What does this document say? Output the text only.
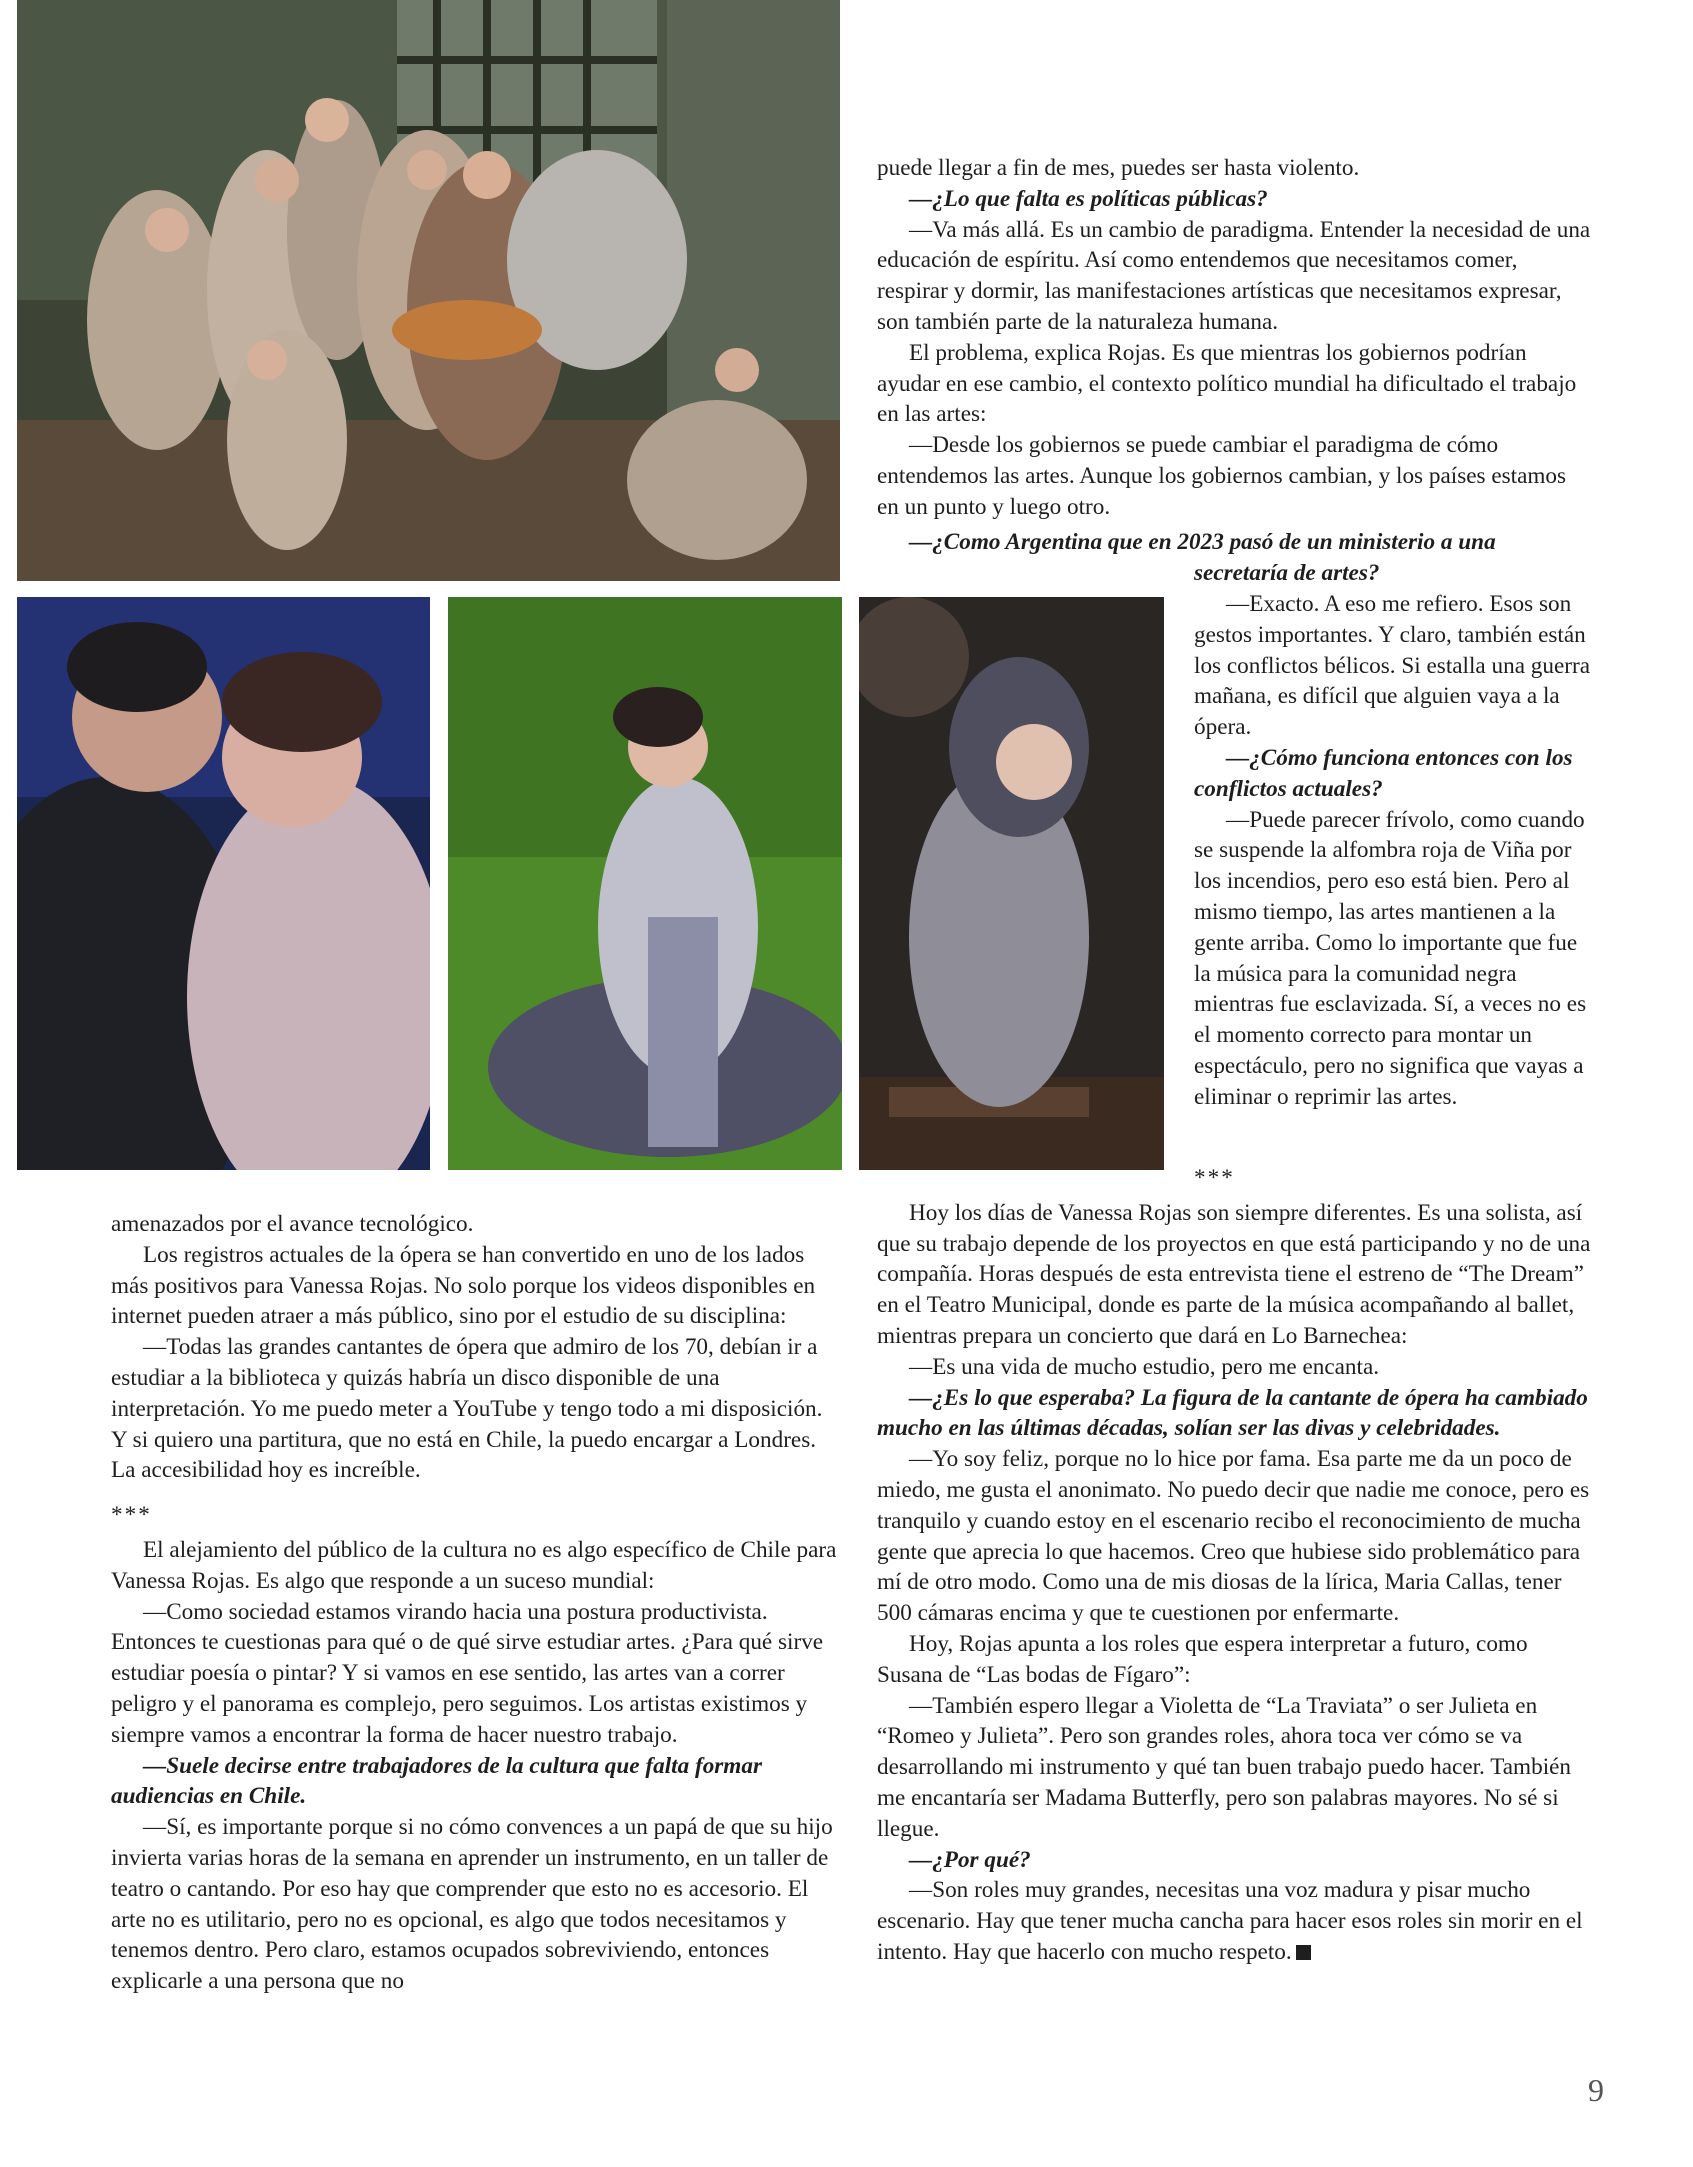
puede llegar a fin de mes, puedes ser hasta violento.

—¿Lo que falta es políticas públicas?

—Va más allá. Es un cambio de paradigma. Entender la necesidad de una educación de espíritu. Así como entendemos que necesitamos comer, respirar y dormir, las manifestaciones artísticas que necesitamos expresar, son también parte de la naturaleza humana.

El problema, explica Rojas. Es que mientras los gobiernos podrían ayudar en ese cambio, el contexto político mundial ha dificultado el trabajo en las artes:

—Desde los gobiernos se puede cambiar el paradigma de cómo entendemos las artes. Aunque los gobiernos cambian, y los países estamos en un punto y luego otro.

—¿Como Argentina que en 2023 pasó de un ministerio a una
secretaría de artes?

—Exacto. A eso me refiero. Esos son gestos importantes. Y claro, también están los conflictos bélicos. Si estalla una guerra mañana, es difícil que alguien vaya a la ópera.

—¿Cómo funciona entonces con los conflictos actuales?

—Puede parecer frívolo, como cuando se suspende la alfombra roja de Viña por los incendios, pero eso está bien. Pero al mismo tiempo, las artes mantienen a la gente arriba. Como lo importante que fue la música para la comunidad negra mientras fue esclavizada. Sí, a veces no es el momento correcto para montar un espectáculo, pero no significa que vayas a eliminar o reprimir las artes.

amenazados por el avance tecnológico.

Los registros actuales de la ópera se han convertido en uno de los lados más positivos para Vanessa Rojas. No solo porque los videos disponibles en internet pueden atraer a más público, sino por el estudio de su disciplina:

—Todas las grandes cantantes de ópera que admiro de los 70, debían ir a estudiar a la biblioteca y quizás habría un disco disponible de una interpretación. Yo me puedo meter a YouTube y tengo todo a mi disposición. Y si quiero una partitura, que no está en Chile, la puedo encargar a Londres. La accesibilidad hoy es increíble.

***

El alejamiento del público de la cultura no es algo específico de Chile para Vanessa Rojas. Es algo que responde a un suceso mundial:

—Como sociedad estamos virando hacia una postura productivista. Entonces te cuestionas para qué o de qué sirve estudiar artes. ¿Para qué sirve estudiar poesía o pintar? Y si vamos en ese sentido, las artes van a correr peligro y el panorama es complejo, pero seguimos. Los artistas existimos y siempre vamos a encontrar la forma de hacer nuestro trabajo.

—Suele decirse entre trabajadores de la cultura que falta formar audiencias en Chile.

—Sí, es importante porque si no cómo convences a un papá de que su hijo invierta varias horas de la semana en aprender un instrumento, en un taller de teatro o cantando. Por eso hay que comprender que esto no es accesorio. El arte no es utilitario, pero no es opcional, es algo que todos necesitamos y tenemos dentro. Pero claro, estamos ocupados sobreviviendo, entonces explicarle a una persona que no

***

Hoy los días de Vanessa Rojas son siempre diferentes. Es una solista, así que su trabajo depende de los proyectos en que está participando y no de una compañía. Horas después de esta entrevista tiene el estreno de “The Dream” en el Teatro Municipal, donde es parte de la música acompañando al ballet, mientras prepara un concierto que dará en Lo Barnechea:

—Es una vida de mucho estudio, pero me encanta.

—¿Es lo que esperaba? La figura de la cantante de ópera ha cambiado mucho en las últimas décadas, solían ser las divas y celebridades.

—Yo soy feliz, porque no lo hice por fama. Esa parte me da un poco de miedo, me gusta el anonimato. No puedo decir que nadie me conoce, pero es tranquilo y cuando estoy en el escenario recibo el reconocimiento de mucha gente que aprecia lo que hacemos. Creo que hubiese sido problemático para mí de otro modo. Como una de mis diosas de la lírica, Maria Callas, tener 500 cámaras encima y que te cuestionen por enfermarte.

Hoy, Rojas apunta a los roles que espera interpretar a futuro, como Susana de “Las bodas de Fígaro”:

—También espero llegar a Violetta de “La Traviata” o ser Julieta en “Romeo y Julieta”. Pero son grandes roles, ahora toca ver cómo se va desarrollando mi instrumento y qué tan buen trabajo puedo hacer. También me encantaría ser Madama Butterfly, pero son palabras mayores. No sé si llegue.

—¿Por qué?

—Son roles muy grandes, necesitas una voz madura y pisar mucho escenario. Hay que tener mucha cancha para hacer esos roles sin morir en el intento. Hay que hacerlo con mucho respeto.

9
